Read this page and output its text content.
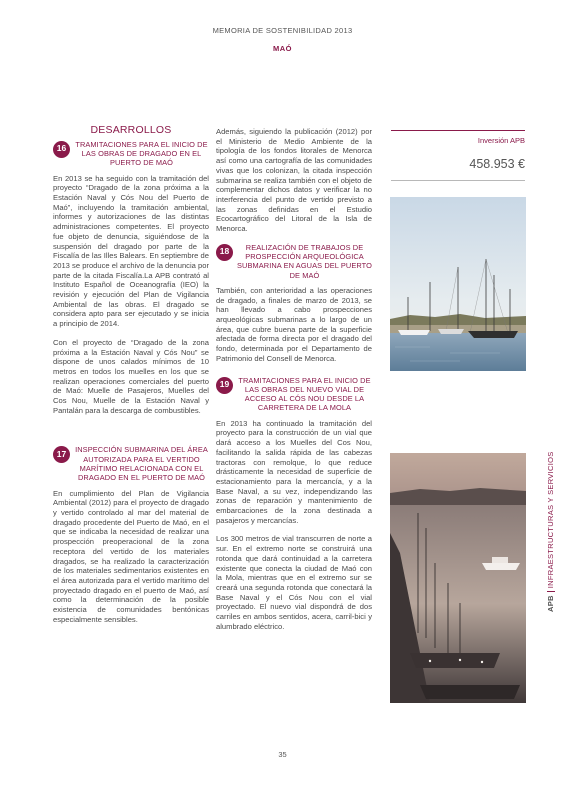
MEMORIA DE SOSTENIBILIDAD 2013
MAÓ
DESARROLLOS
16	TRAMITACIONES PARA EL INICIO DE LAS OBRAS DE DRAGADO EN EL PUERTO DE MAÓ

En 2013 se ha seguido con la tramitación del proyecto “Dragado de la zona próxima a la Estación Naval y Cós Nou del Puerto de Maó”, incluyendo la tramitación ambiental, informes y autorizaciones de las distintas administraciones competentes. El proyecto fue objeto de denuncia, siguiéndose de la suspensión del dragado por parte de la Fiscalía de las Illes Balears. En septiembre de 2013 se produce el archivo de la denuncia por parte de la citada Fiscalía.La APB contrató al Instituto Español de Oceanografía (IEO) la revisión y ejecución del Plan de Vigilancia Ambiental de las obras. El dragado se considera apto para ser ejecutado y se inicia a principio de 2014.

Con el proyecto de “Dragado de la zona próxima a la Estación Naval y Cós Nou” se dispone de unos calados mínimos de 10 metros en todos los muelles en los que se realizan operaciones comerciales del puerto de Maó: Muelle de Pasajeros, Muelles del Cos Nou, Muelle de la Estación Naval y Pantalán para la descarga de combustibles.

17	INSPECCIÓN SUBMARINA DEL ÁREA AUTORIZADA PARA EL VERTIDO MARÍTIMO RELACIONADA CON EL DRAGADO EN EL PUERTO DE MAÓ

En cumplimiento del Plan de Vigilancia Ambiental (2012) para el proyecto de dragado y vertido controlado al mar del material de dragado procedente del Puerto de Maó, en el que se indicaba la necesidad de realizar una prospección preoperacional de la zona receptora del vertido de los materiales dragados, se ha realizado la caracterización de los materiales sedimentarios existentes en el área autorizada para el vertido marítimo del proyectado dragado en el puerto de Maó, así como la determinación de la posible existencia de comunidades bentónicas especialmente sensibles.

Además, siguiendo la publicación (2012) por el Ministerio de Medio Ambiente de la tipología de los fondos litorales de Menorca así como una cartografía de las comunidades vivas que los colonizan, la citada inspección submarina se realiza también con el objeto de complementar dichos datos y verificar la no interferencia del punto de vertido previsto a las zonas definidas en el Estudio Ecocartográfico del Litoral de la Isla de Menorca.

18	REALIZACIÓN DE TRABAJOS DE PROSPECCIÓN ARQUEOLÓGICA SUBMARINA EN AGUAS DEL PUERTO DE MAÓ

También, con anterioridad a las operaciones de dragado, a finales de marzo de 2013, se han llevado a cabo prospecciones arqueológicas submarinas a lo largo de un área, que cubre buena parte de la superficie afectada de forma directa por el dragado del fondo, determinada por el Departamento de Patrimonio del Consell de Menorca.

19	TRAMITACIONES PARA EL INICIO DE LAS OBRAS DEL NUEVO VIAL DE ACCESO AL CÓS NOU DESDE LA CARRETERA DE LA MOLA

En 2013 ha continuado la tramitación del proyecto para la construcción de un vial que dará acceso a los Muelles del Cos Nou, facilitando la salida rápida de las cabezas tractoras con remolque, lo que reduce drásticamente la necesidad de superficie de estacionamiento para la mercancía, y a la Base Naval, a su vez, independizando las zonas de reparación y mantenimiento de embarcaciones de la zona destinada a pasajeros y mercancías.

Los 300 metros de vial transcurren de norte a sur. En el extremo norte se construirá una rotonda que dará continuidad a la carretera existente que conecta la ciudad de Maó con la Mola, mientras que en el extremo sur se creará una segunda rotonda que conectará la Base Naval y el Cós Nou con el vial proyectado. El nuevo vial dispondrá de dos carriles en ambos sentidos, acera, carril-bici y alumbrado eléctrico.

Inversión APB
458.953 €
APBINFRAESTRUCTURAS Y SERVICIOS
35
